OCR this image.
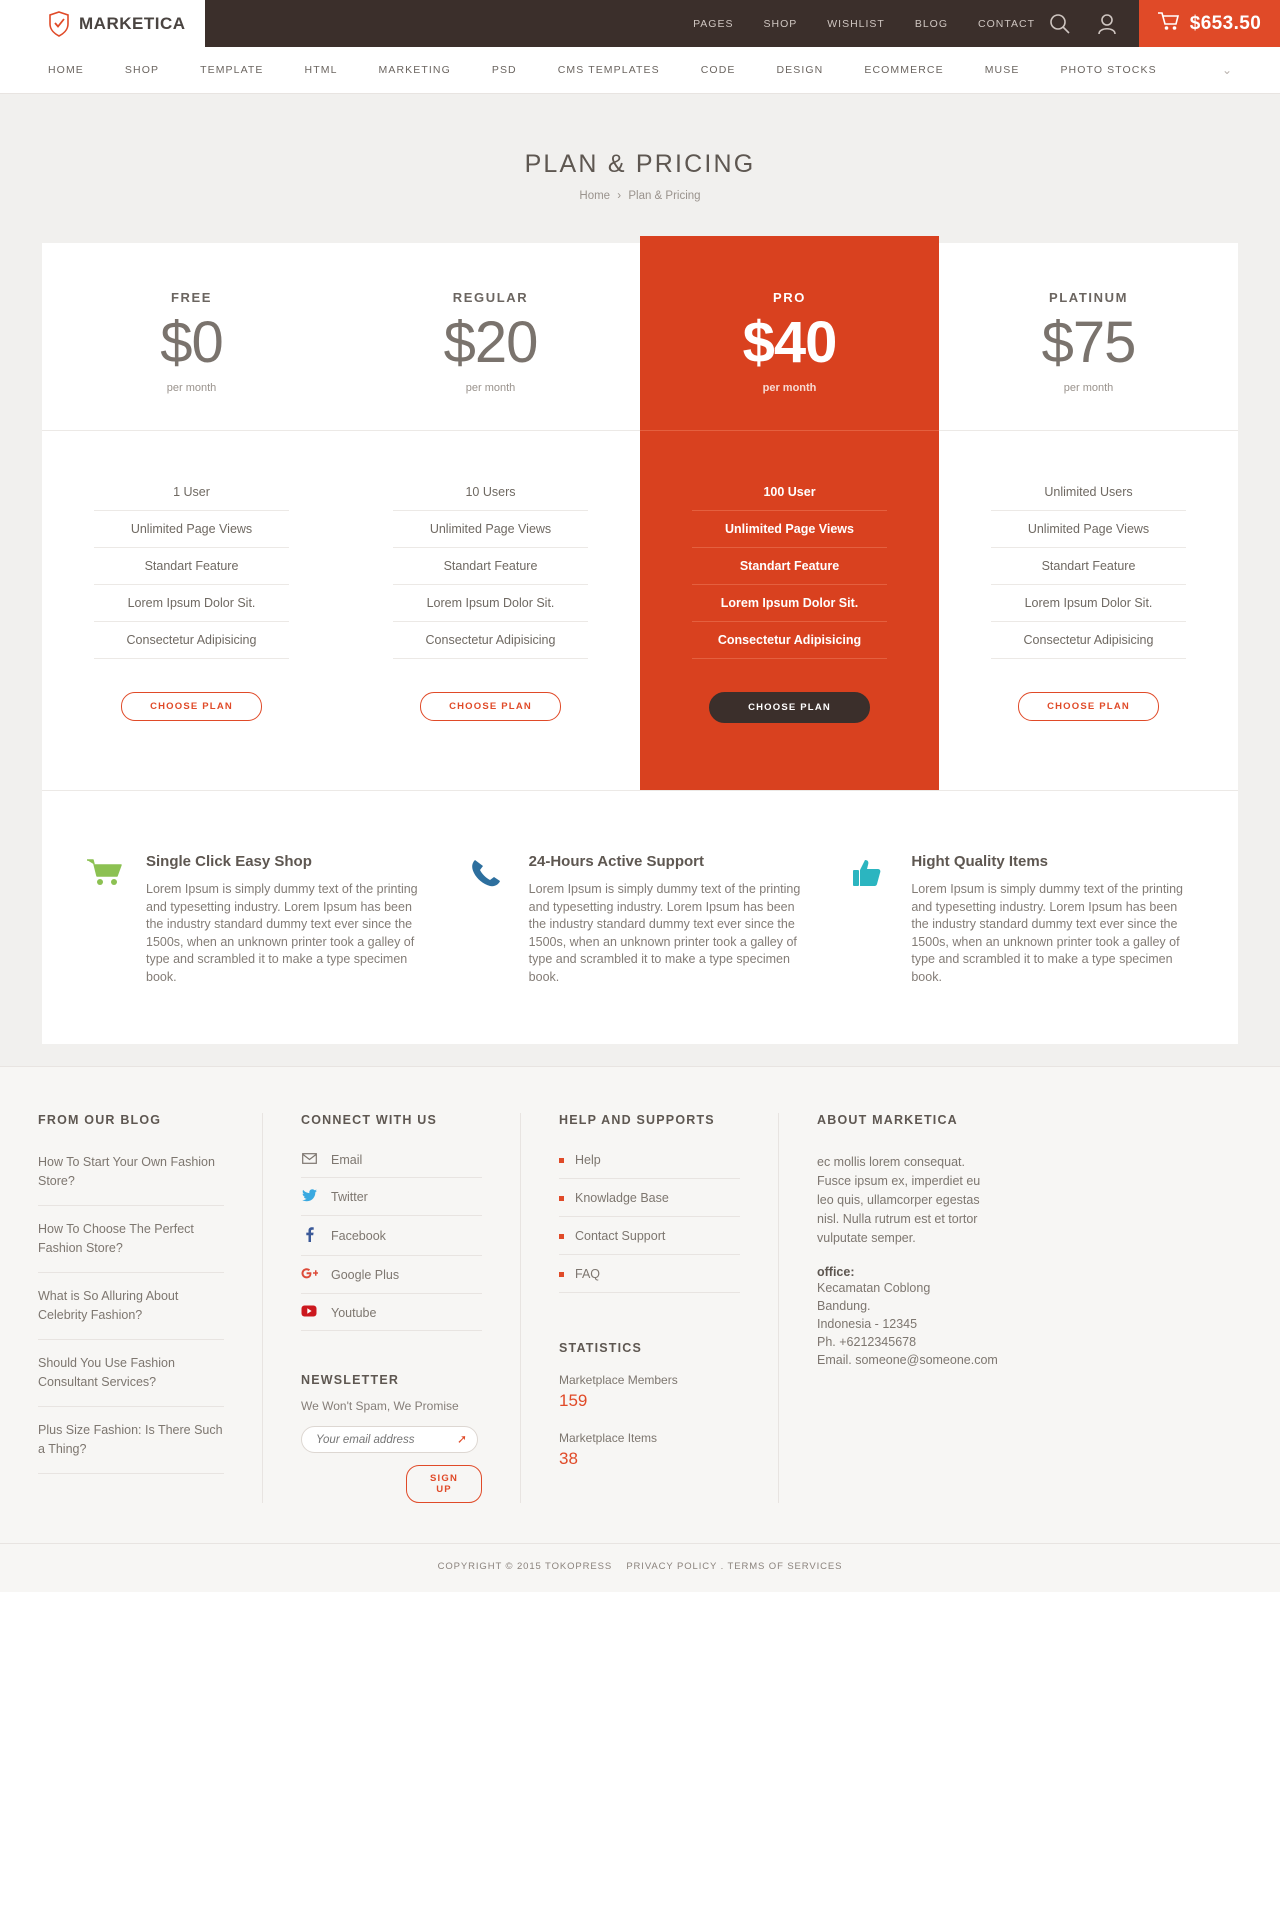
MARKETICA	PAGES	SHOP	WISHLIST	BLOG	CONTACT	$653.50
HOME	SHOP	TEMPLATE	HTML	MARKETING	PSD	CMS TEMPLATES	CODE	DESIGN	ECOMMERCE	MUSE	PHOTO STOCKS	⌄
PLAN & PRICING
Home › Plan & Pricing
FREE
$0
per month
1 User
Unlimited Page Views
Standart Feature
Lorem Ipsum Dolor Sit.
Consectetur Adipisicing
CHOOSE PLAN
REGULAR
$20
per month
10 Users
Unlimited Page Views
Standart Feature
Lorem Ipsum Dolor Sit.
Consectetur Adipisicing
CHOOSE PLAN
PRO
$40
per month
100 User
Unlimited Page Views
Standart Feature
Lorem Ipsum Dolor Sit.
Consectetur Adipisicing
CHOOSE PLAN
PLATINUM
$75
per month
Unlimited Users
Unlimited Page Views
Standart Feature
Lorem Ipsum Dolor Sit.
Consectetur Adipisicing
CHOOSE PLAN
Single Click Easy Shop

Lorem Ipsum is simply dummy text of the printing and typesetting industry. Lorem Ipsum has been the industry standard dummy text ever since the 1500s, when an unknown printer took a galley of type and scrambled it to make a type specimen book.

24-Hours Active Support

Lorem Ipsum is simply dummy text of the printing and typesetting industry. Lorem Ipsum has been the industry standard dummy text ever since the 1500s, when an unknown printer took a galley of type and scrambled it to make a type specimen book.

Hight Quality Items

Lorem Ipsum is simply dummy text of the printing and typesetting industry. Lorem Ipsum has been the industry standard dummy text ever since the 1500s, when an unknown printer took a galley of type and scrambled it to make a type specimen book.

FROM OUR BLOG
How To Start Your Own Fashion Store?
How To Choose The Perfect Fashion Store?
What is So Alluring About Celebrity Fashion?
Should You Use Fashion Consultant Services?
Plus Size Fashion: Is There Such a Thing?
CONNECT WITH US
Email
Twitter
Facebook
Google Plus
Youtube
NEWSLETTER
We Won't Spam, We Promise
Your email address
➚
SIGN UP
HELP AND SUPPORTS
Help
Knowladge Base
Contact Support
FAQ
STATISTICS
Marketplace Members
159
Marketplace Items
38
ABOUT MARKETICA

ec mollis lorem consequat. Fusce ipsum ex, imperdiet eu leo quis, ullamcorper egestas nisl. Nulla rutrum est et tortor vulputate semper.

office:
Kecamatan Coblong
Bandung.
Indonesia - 12345
Ph. +6212345678
Email. someone@someone.com
COPYRIGHT © 2015 TOKOPRESS PRIVACY POLICY . TERMS OF SERVICES
